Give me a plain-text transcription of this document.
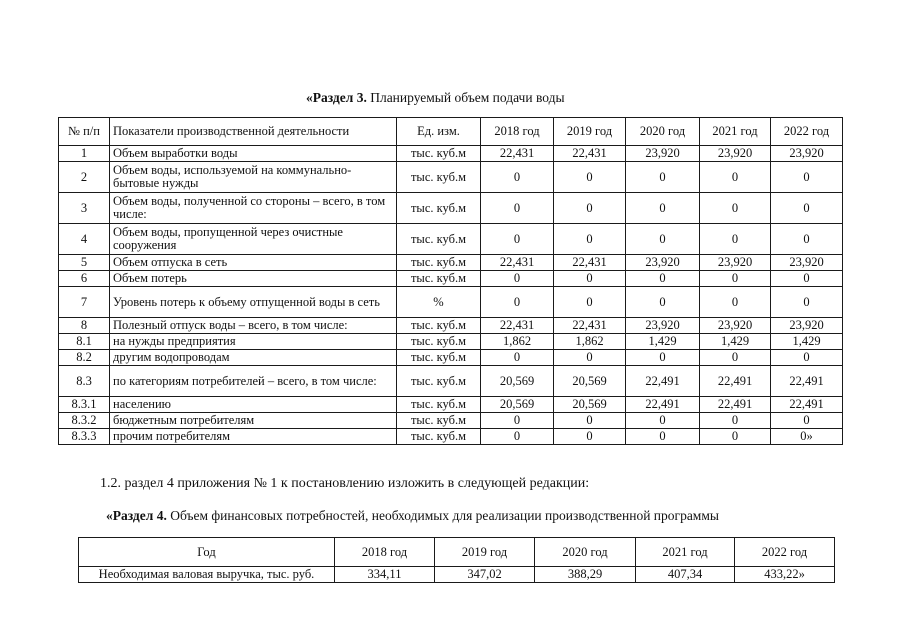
«Раздел 3. Планируемый объем подачи воды
№ п/п	Показатели производственной деятельности	Ед. изм.	2018 год	2019 год	2020 год	2021 год	2022 год
1	Объем выработки воды	тыс. куб.м	22,431	22,431	23,920	23,920	23,920
2	Объем воды, используемой на коммунально-бытовые нужды	тыс. куб.м	0	0	0	0	0
3	Объем воды, полученной со стороны – всего, в том числе:	тыс. куб.м	0	0	0	0	0
4	Объем воды, пропущенной через очистные сооружения	тыс. куб.м	0	0	0	0	0
5	Объем отпуска в сеть	тыс. куб.м	22,431	22,431	23,920	23,920	23,920
6	Объем потерь	тыс. куб.м	0	0	0	0	0
7	Уровень потерь к объему отпущенной воды в сеть	%	0	0	0	0	0
8	Полезный отпуск воды – всего, в том числе:	тыс. куб.м	22,431	22,431	23,920	23,920	23,920
8.1	на нужды предприятия	тыс. куб.м	1,862	1,862	1,429	1,429	1,429
8.2	другим водопроводам	тыс. куб.м	0	0	0	0	0
8.3	по категориям потребителей – всего, в том числе:	тыс. куб.м	20,569	20,569	22,491	22,491	22,491
8.3.1	населению	тыс. куб.м	20,569	20,569	22,491	22,491	22,491
8.3.2	бюджетным потребителям	тыс. куб.м	0	0	0	0	0
8.3.3	прочим потребителям	тыс. куб.м	0	0	0	0	0»
1.2. раздел 4 приложения № 1 к постановлению изложить в следующей редакции:
«Раздел 4. Объем финансовых потребностей, необходимых для реализации производственной программы
Год	2018 год	2019 год	2020 год	2021 год	2022 год
Необходимая валовая выручка, тыс. руб.	334,11	347,02	388,29	407,34	433,22»
